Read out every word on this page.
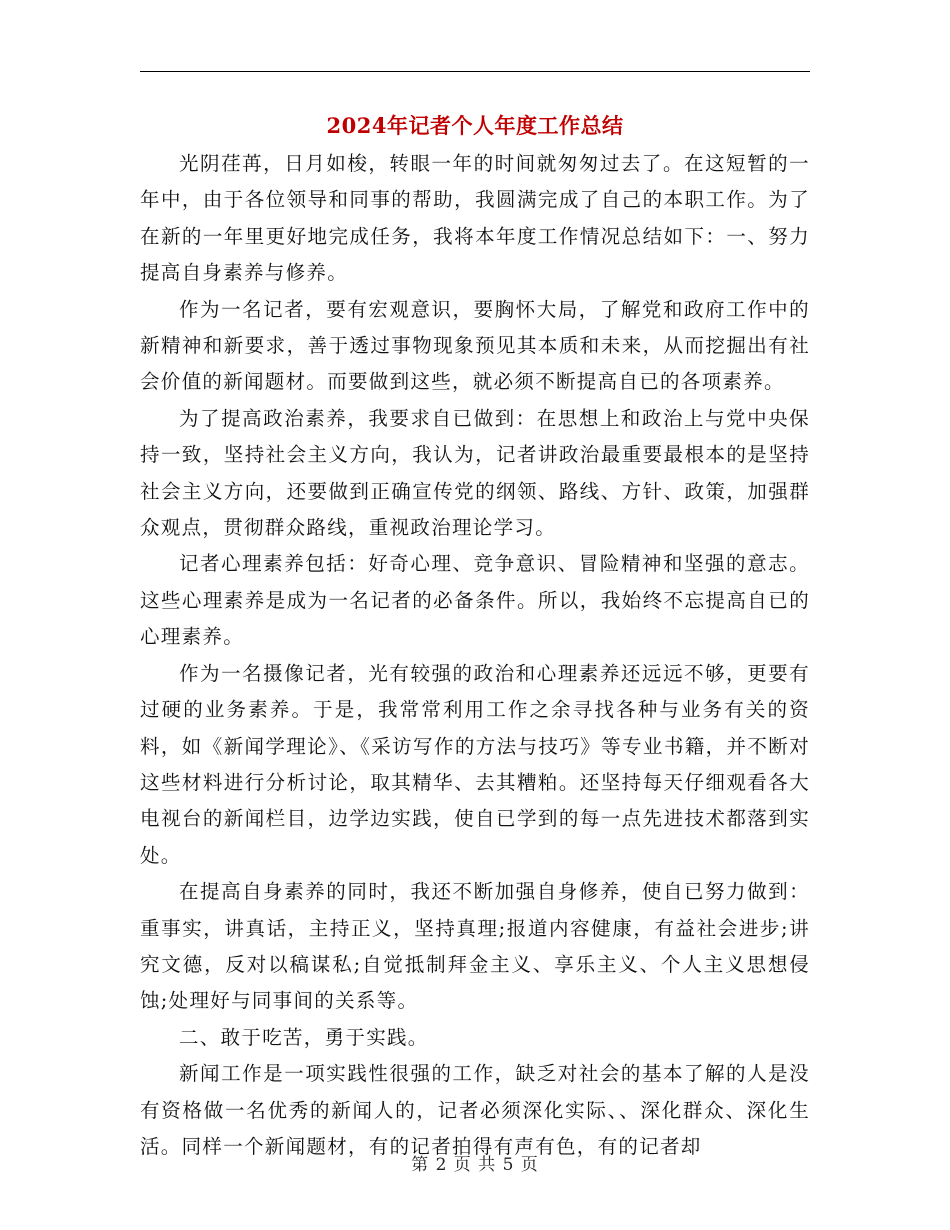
2024年记者个人年度工作总结

光阴荏苒，日月如梭，转眼一年的时间就匆匆过去了。在这短暂的一年中，由于各位领导和同事的帮助，我圆满完成了自己的本职工作。为了在新的一年里更好地完成任务，我将本年度工作情况总结如下：一、努力提高自身素养与修养。

作为一名记者，要有宏观意识，要胸怀大局，了解党和政府工作中的新精神和新要求，善于透过事物现象预见其本质和未来，从而挖掘出有社会价值的新闻题材。而要做到这些，就必须不断提高自已的各项素养。

为了提高政治素养，我要求自已做到：在思想上和政治上与党中央保持一致，坚持社会主义方向，我认为，记者讲政治最重要最根本的是坚持社会主义方向，还要做到正确宣传党的纲领、路线、方针、政策，加强群众观点，贯彻群众路线，重视政治理论学习。

记者心理素养包括：好奇心理、竞争意识、冒险精神和坚强的意志。这些心理素养是成为一名记者的必备条件。所以，我始终不忘提高自已的心理素养。

作为一名摄像记者，光有较强的政治和心理素养还远远不够，更要有过硬的业务素养。于是，我常常利用工作之余寻找各种与业务有关的资料，如《新闻学理论》、《采访写作的方法与技巧》等专业书籍，并不断对这些材料进行分析讨论，取其精华、去其糟粕。还坚持每天仔细观看各大电视台的新闻栏目，边学边实践，使自已学到的每一点先进技术都落到实处。

在提高自身素养的同时，我还不断加强自身修养，使自已努力做到：重事实，讲真话，主持正义，坚持真理;报道内容健康，有益社会进步;讲究文德，反对以稿谋私;自觉抵制拜金主义、享乐主义、个人主义思想侵蚀;处理好与同事间的关系等。

二、敢于吃苦，勇于实践。

新闻工作是一项实践性很强的工作，缺乏对社会的基本了解的人是没有资格做一名优秀的新闻人的，记者必须深化实际、、深化群众、深化生活。同样一个新闻题材，有的记者拍得有声有色，有的记者却

第 2 页 共 5 页
